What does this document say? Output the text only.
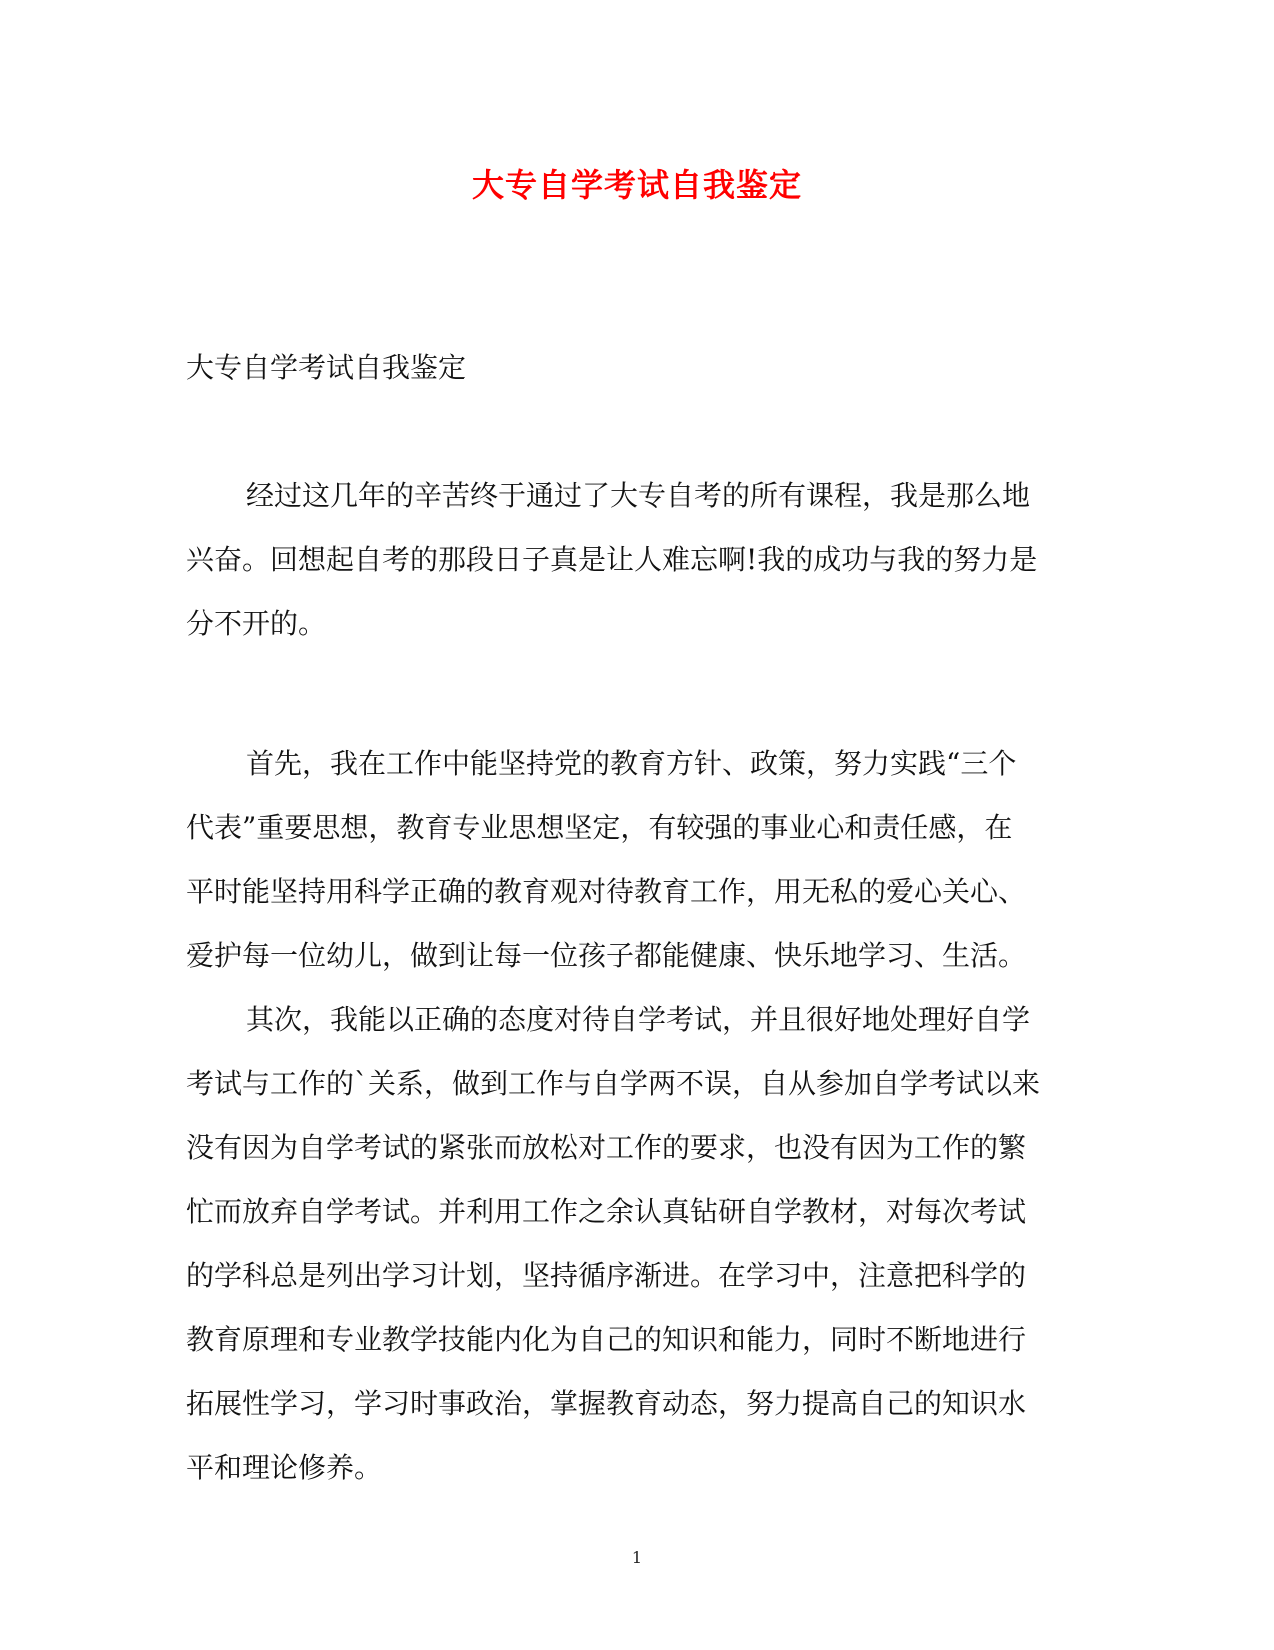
大专自学考试自我鉴定
大专自学考试自我鉴定
经过这几年的辛苦终于通过了大专自考的所有课程，我是那么地
兴奋。回想起自考的那段日子真是让人难忘啊!我的成功与我的努力是
分不开的。
首先，我在工作中能坚持党的教育方针、政策，努力实践“三个
代表”重要思想，教育专业思想坚定，有较强的事业心和责任感，在
平时能坚持用科学正确的教育观对待教育工作，用无私的爱心关心、
爱护每一位幼儿，做到让每一位孩子都能健康、快乐地学习、生活。
其次，我能以正确的态度对待自学考试，并且很好地处理好自学
考试与工作的`关系，做到工作与自学两不误，自从参加自学考试以来
没有因为自学考试的紧张而放松对工作的要求，也没有因为工作的繁
忙而放弃自学考试。并利用工作之余认真钻研自学教材，对每次考试
的学科总是列出学习计划，坚持循序渐进。在学习中，注意把科学的
教育原理和专业教学技能内化为自己的知识和能力，同时不断地进行
拓展性学习，学习时事政治，掌握教育动态，努力提高自己的知识水
平和理论修养。
1
